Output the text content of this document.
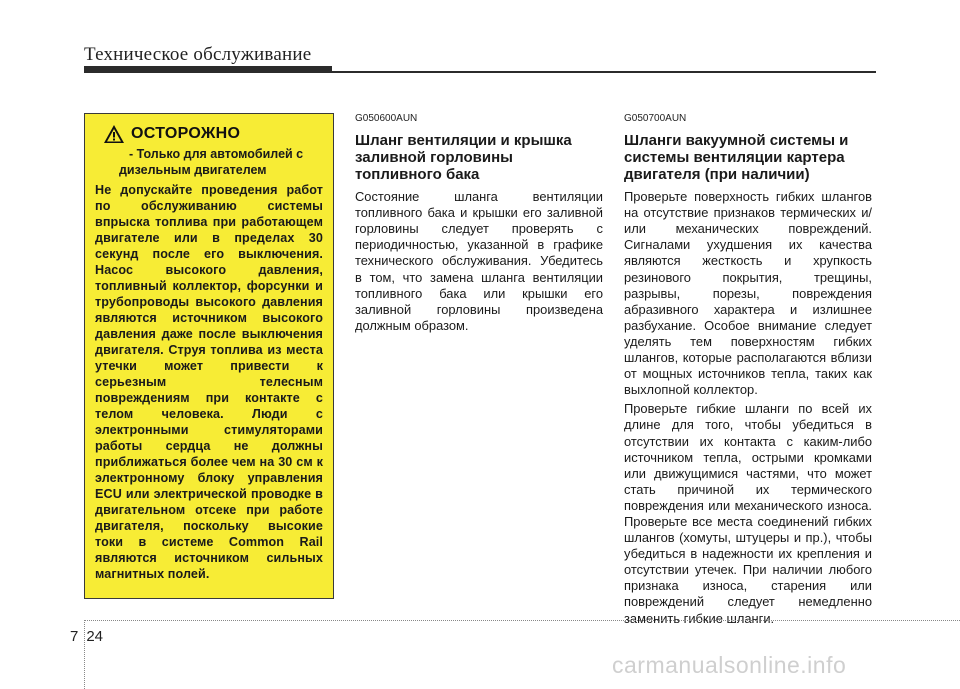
Техническое обслуживание
ОСТОРОЖНО
- Только для автомобилей с дизельным двигателем
Не допускайте проведения работ по обслуживанию системы впрыска топлива при работающем двигателе или в пределах 30 секунд после его выключения. Насос высокого давления, топливный коллектор, форсунки и трубопроводы высокого давления являются источником высокого давления даже после выключения двигателя. Струя топлива из места утечки может привести к серьезным телесным повреждениям при контакте с телом человека. Люди с электронными стимуляторами работы сердца не должны приближаться более чем на 30 см к электронному блоку управления ECU или электрической проводке в двигательном отсеке при работе двигателя, поскольку высокие токи в системе Common Rail являются источником сильных магнитных полей.
G050600AUN
Шланг вентиляции и крышка заливной горловины топливного бака

Состояние шланга вентиляции топливного бака и крышки его заливной горловины следует проверять с периодичностью, указанной в графике технического обслуживания. Убедитесь в том, что замена шланга вентиляции топливного бака или крышки его заливной горловины произведена должным образом.

G050700AUN
Шланги вакуумной системы и системы вентиляции картера двигателя (при наличии)

Проверьте поверхность гибких шлангов на отсутствие признаков термических и/или механических повреждений. Сигналами ухудшения их качества являются жесткость и хрупкость резинового покрытия, трещины, разрывы, порезы, повреждения абразивного характера и излишнее разбухание. Особое внимание следует уделять тем поверхностям гибких шлангов, которые располагаются вблизи от мощных источников тепла, таких как выхлопной коллектор.

Проверьте гибкие шланги по всей их длине для того, чтобы убедиться в отсутствии их контакта с каким-либо источником тепла, острыми кромками или движущимися частями, что может стать причиной их термического повреждения или механического износа. Проверьте все места соединений гибких шлангов (хомуты, штуцеры и пр.), чтобы убедиться в надежности их крепления и отсутствии утечек. При наличии любого признака износа, старения или повреждений следует немедленно заменить гибкие шланги.

7 24
carmanualsonline.info
